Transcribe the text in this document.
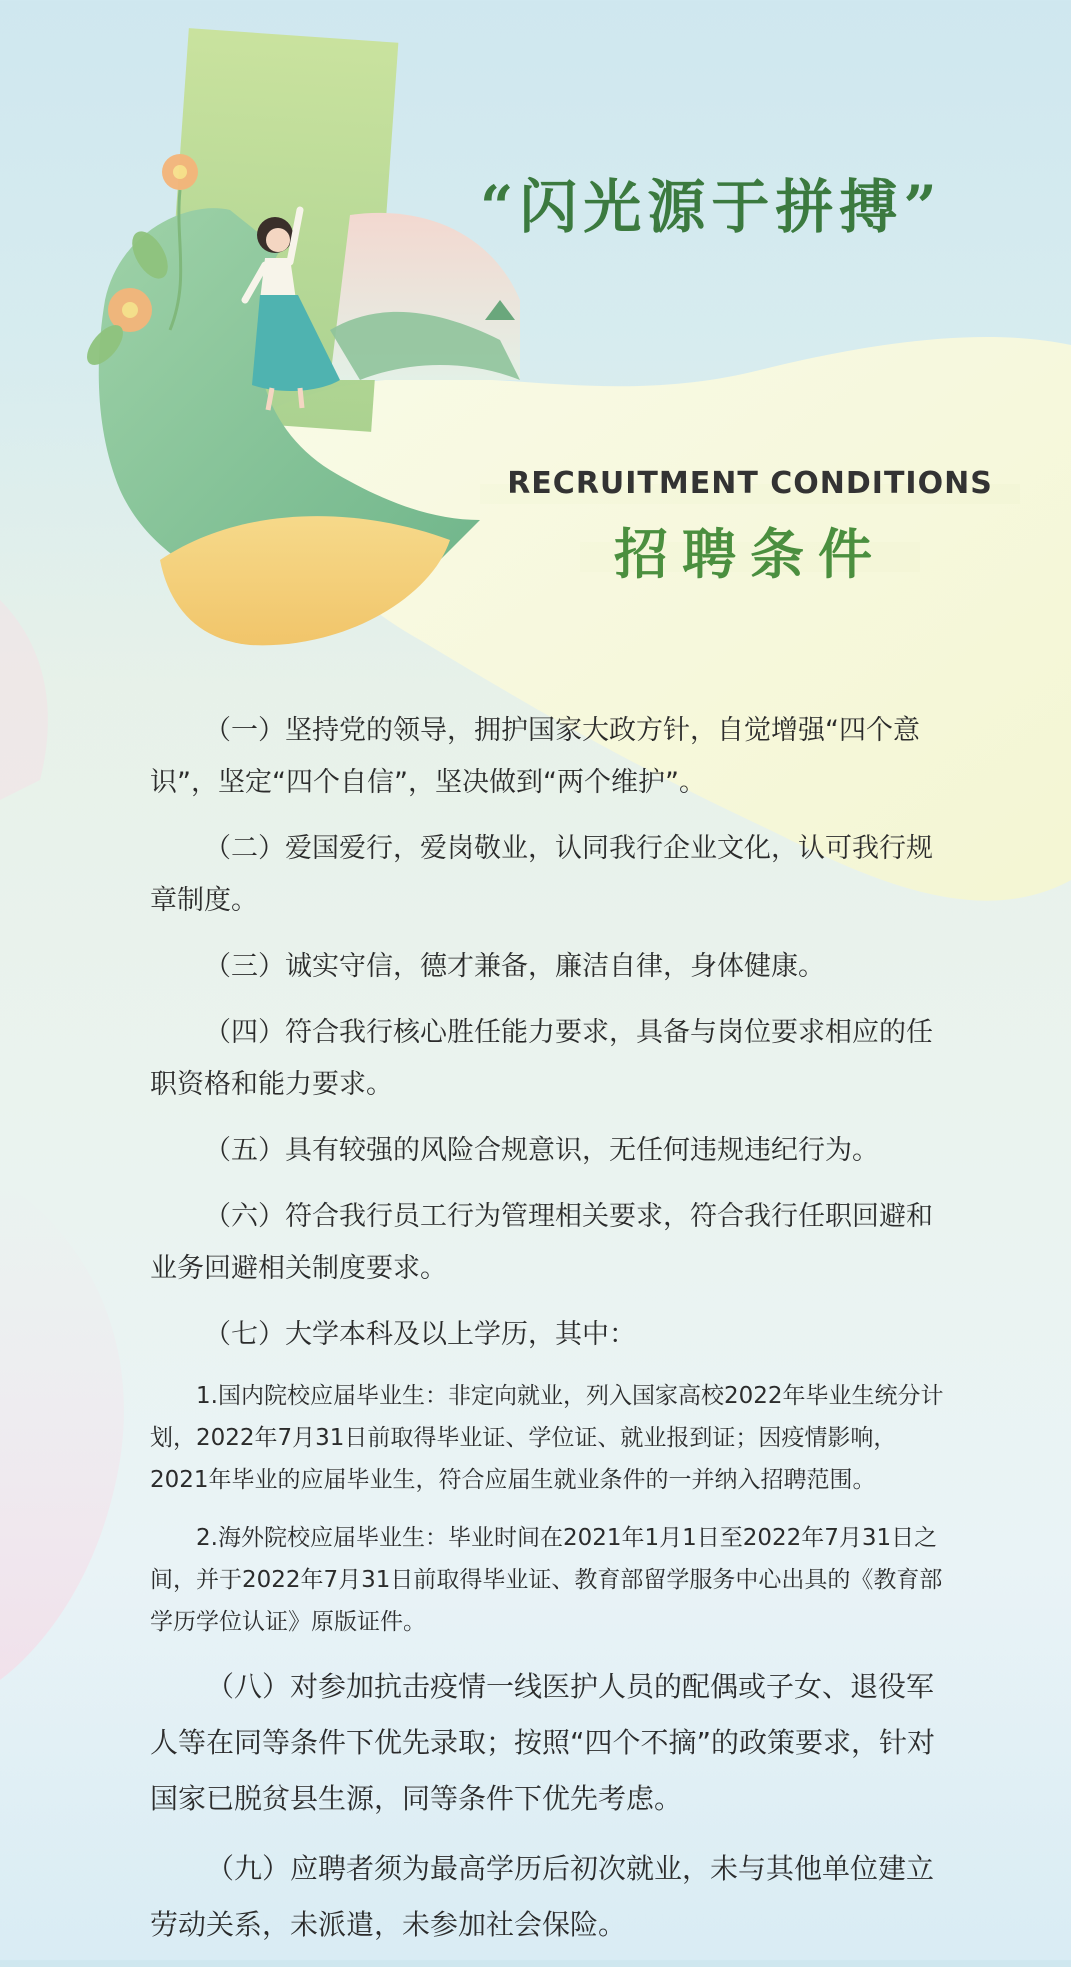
“闪光源于拼搏”
RECRUITMENT CONDITIONS
招聘条件

（一）坚持党的领导，拥护国家大政方针，自觉增强“四个意识”，坚定“四个自信”，坚决做到“两个维护”。

（二）爱国爱行，爱岗敬业，认同我行企业文化，认可我行规章制度。

（三）诚实守信，德才兼备，廉洁自律，身体健康。

（四）符合我行核心胜任能力要求，具备与岗位要求相应的任职资格和能力要求。

（五）具有较强的风险合规意识，无任何违规违纪行为。

（六）符合我行员工行为管理相关要求，符合我行任职回避和业务回避相关制度要求。

（七）大学本科及以上学历，其中：

1.国内院校应届毕业生：非定向就业，列入国家高校2022年毕业生统分计划，2022年7月31日前取得毕业证、学位证、就业报到证；因疫情影响，2021年毕业的应届毕业生，符合应届生就业条件的一并纳入招聘范围。

2.海外院校应届毕业生：毕业时间在2021年1月1日至2022年7月31日之间，并于2022年7月31日前取得毕业证、教育部留学服务中心出具的《教育部学历学位认证》原版证件。

（八）对参加抗击疫情一线医护人员的配偶或子女、退役军人等在同等条件下优先录取；按照“四个不摘”的政策要求，针对国家已脱贫县生源，同等条件下优先考虑。

（九）应聘者须为最高学历后初次就业，未与其他单位建立劳动关系，未派遣，未参加社会保险。
